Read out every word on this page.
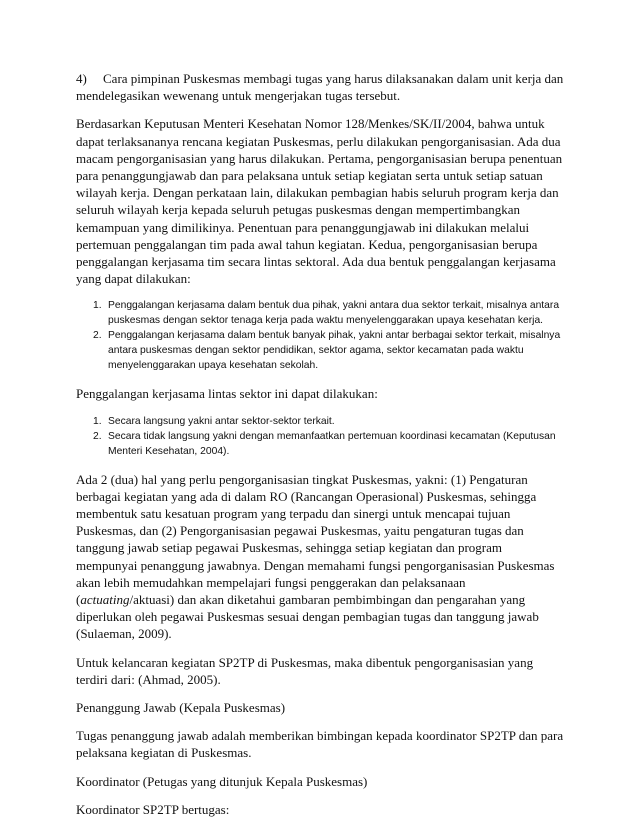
4) Cara pimpinan Puskesmas membagi tugas yang harus dilaksanakan dalam unit kerja dan mendelegasikan wewenang untuk mengerjakan tugas tersebut.

Berdasarkan Keputusan Menteri Kesehatan Nomor 128/Menkes/SK/II/2004, bahwa untuk dapat terlaksananya rencana kegiatan Puskesmas, perlu dilakukan pengorganisasian. Ada dua macam pengorganisasian yang harus dilakukan. Pertama, pengorganisasian berupa penentuan para penanggungjawab dan para pelaksana untuk setiap kegiatan serta untuk setiap satuan wilayah kerja. Dengan perkataan lain, dilakukan pembagian habis seluruh program kerja dan seluruh wilayah kerja kepada seluruh petugas puskesmas dengan mempertimbangkan kemampuan yang dimilikinya. Penentuan para penanggungjawab ini dilakukan melalui pertemuan penggalangan tim pada awal tahun kegiatan. Kedua, pengorganisasian berupa penggalangan kerjasama tim secara lintas sektoral. Ada dua bentuk penggalangan kerjasama yang dapat dilakukan:

1. Penggalangan kerjasama dalam bentuk dua pihak, yakni antara dua sektor terkait, misalnya antara puskesmas dengan sektor tenaga kerja pada waktu menyelenggarakan upaya kesehatan kerja.
2. Penggalangan kerjasama dalam bentuk banyak pihak, yakni antar berbagai sektor terkait, misalnya antara puskesmas dengan sektor pendidikan, sektor agama, sektor kecamatan pada waktu menyelenggarakan upaya kesehatan sekolah.

Penggalangan kerjasama lintas sektor ini dapat dilakukan:

1. Secara langsung yakni antar sektor-sektor terkait.
2. Secara tidak langsung yakni dengan memanfaatkan pertemuan koordinasi kecamatan (Keputusan Menteri Kesehatan, 2004).

Ada 2 (dua) hal yang perlu pengorganisasian tingkat Puskesmas, yakni: (1) Pengaturan berbagai kegiatan yang ada di dalam RO (Rancangan Operasional) Puskesmas, sehingga membentuk satu kesatuan program yang terpadu dan sinergi untuk mencapai tujuan Puskesmas, dan (2) Pengorganisasian pegawai Puskesmas, yaitu pengaturan tugas dan tanggung jawab setiap pegawai Puskesmas, sehingga setiap kegiatan dan program mempunyai penanggung jawabnya. Dengan memahami fungsi pengorganisasian Puskesmas akan lebih memudahkan mempelajari fungsi penggerakan dan pelaksanaan (actuating/aktuasi) dan akan diketahui gambaran pembimbingan dan pengarahan yang diperlukan oleh pegawai Puskesmas sesuai dengan pembagian tugas dan tanggung jawab (Sulaeman, 2009).

Untuk kelancaran kegiatan SP2TP di Puskesmas, maka dibentuk pengorganisasian yang terdiri dari: (Ahmad, 2005).

Penanggung Jawab (Kepala Puskesmas)

Tugas penanggung jawab adalah memberikan bimbingan kepada koordinator SP2TP dan para pelaksana kegiatan di Puskesmas.

Koordinator (Petugas yang ditunjuk Kepala Puskesmas)

Koordinator SP2TP bertugas:
